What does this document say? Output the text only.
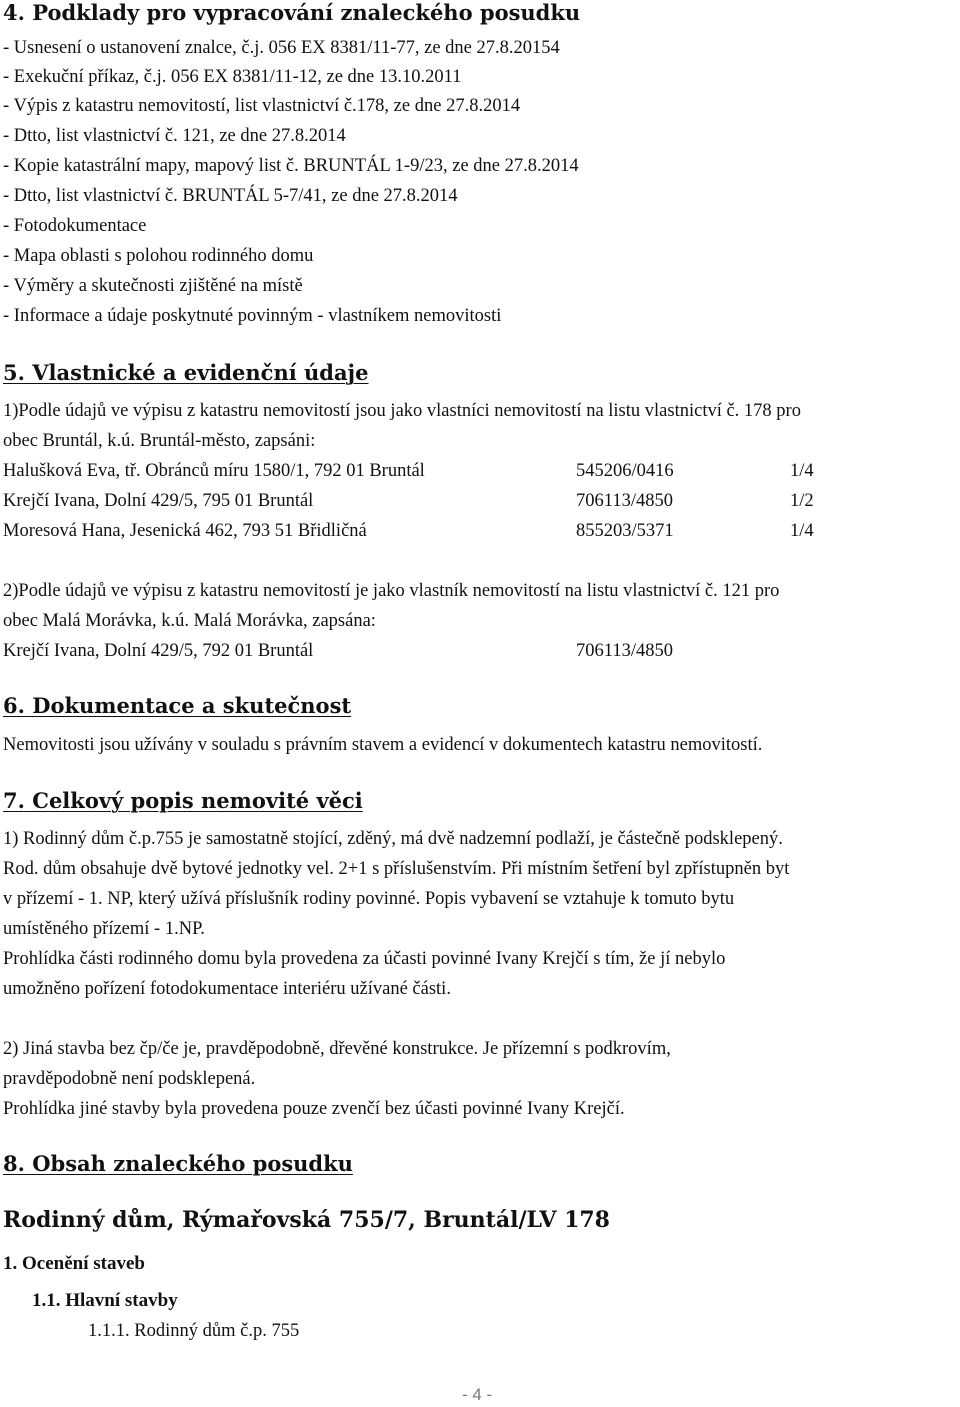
4. Podklady pro vypracování znaleckého posudku
- Usnesení o ustanovení znalce, č.j. 056 EX 8381/11-77, ze dne 27.8.20154
- Exekuční příkaz, č.j. 056 EX 8381/11-12, ze dne 13.10.2011
- Výpis z katastru nemovitostí, list vlastnictví č.178, ze dne 27.8.2014
- Dtto, list vlastnictví č. 121, ze dne 27.8.2014
- Kopie katastrální mapy, mapový list č. BRUNTÁL 1-9/23, ze dne 27.8.2014
- Dtto, list vlastnictví č. BRUNTÁL 5-7/41, ze dne 27.8.2014
- Fotodokumentace
- Mapa oblasti s polohou rodinného domu
- Výměry a skutečnosti zjištěné na místě
- Informace a údaje poskytnuté povinným - vlastníkem nemovitosti
5. Vlastnické a evidenční údaje
1)Podle údajů ve výpisu z katastru nemovitostí jsou jako vlastníci nemovitostí na listu vlastnictví č. 178 pro
obec Bruntál, k.ú. Bruntál-město, zapsáni:
Halušková Eva, tř. Obránců míru 1580/1, 792 01 Bruntál	545206/0416	1/4
Krejčí Ivana, Dolní 429/5, 795 01 Bruntál	706113/4850	1/2
Moresová Hana, Jesenická 462, 793 51 Břidličná	855203/5371	1/4
2)Podle údajů ve výpisu z katastru nemovitostí je jako vlastník nemovitostí na listu vlastnictví č. 121 pro
obec Malá Morávka, k.ú. Malá Morávka, zapsána:
Krejčí Ivana, Dolní 429/5, 792 01 Bruntál	706113/4850
6. Dokumentace a skutečnost
Nemovitosti jsou užívány v souladu s právním stavem a evidencí v dokumentech katastru nemovitostí.
7. Celkový popis nemovité věci
1) Rodinný dům č.p.755 je samostatně stojící, zděný, má dvě nadzemní podlaží, je částečně podsklepený.
Rod. dům obsahuje dvě bytové jednotky vel. 2+1 s příslušenstvím. Při místním šetření byl zpřístupněn byt
v přízemí - 1. NP, který užívá příslušník rodiny povinné. Popis vybavení se vztahuje k tomuto bytu
umístěného přízemí - 1.NP.
Prohlídka části rodinného domu byla provedena za účasti povinné Ivany Krejčí s tím, že jí nebylo
umožněno pořízení fotodokumentace interiéru užívané části.
2) Jiná stavba bez čp/če je, pravděpodobně, dřevěné konstrukce. Je přízemní s podkrovím,
pravděpodobně není podsklepená.
Prohlídka jiné stavby byla provedena pouze zvenčí bez účasti povinné Ivany Krejčí.
8. Obsah znaleckého posudku
Rodinný dům, Rýmařovská 755/7, Bruntál/LV 178
1. Ocenění staveb
1.1. Hlavní stavby
1.1.1. Rodinný dům č.p. 755
- 4 -
